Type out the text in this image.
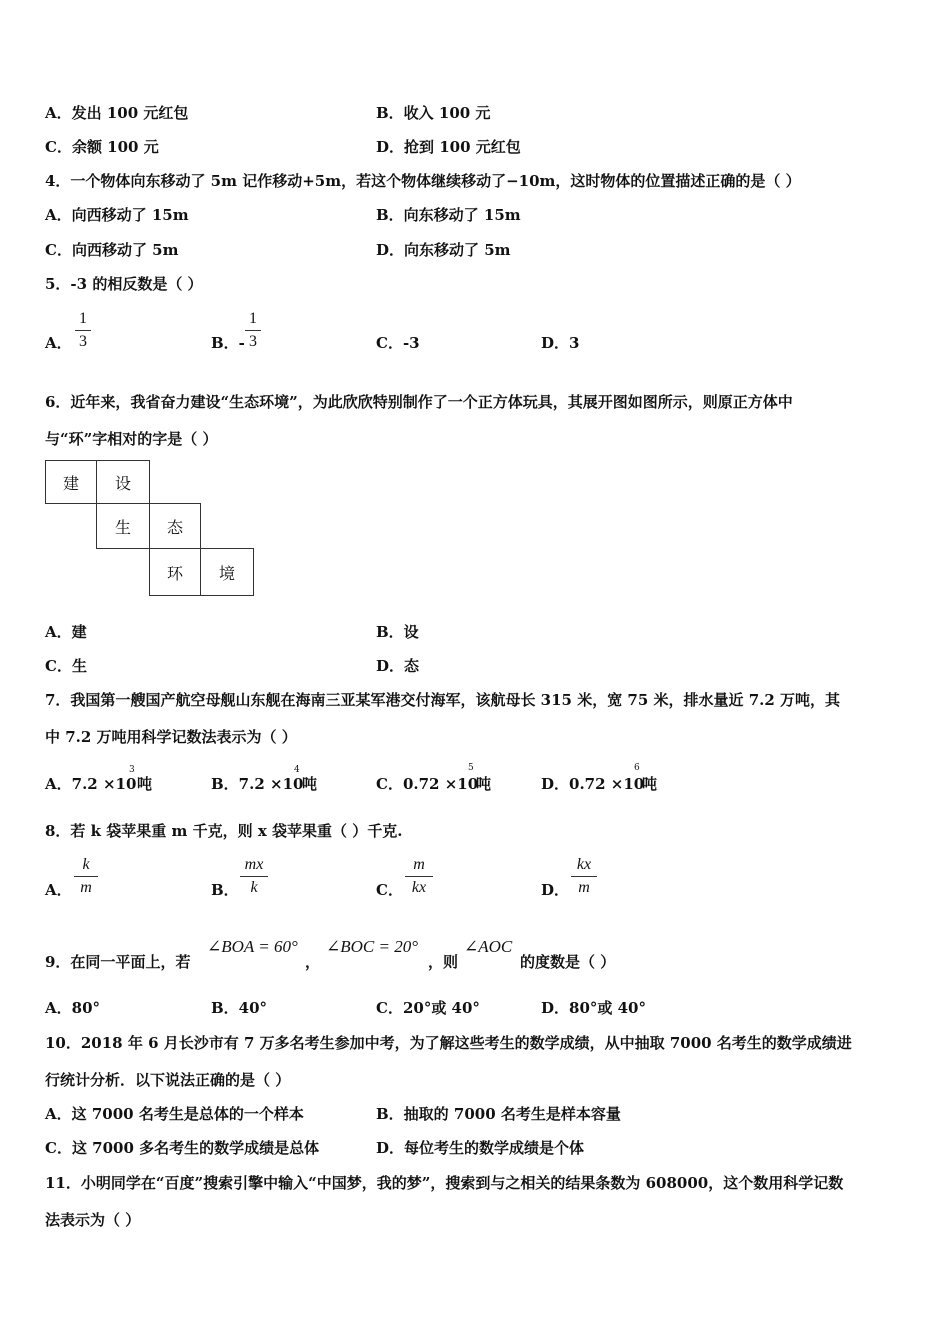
A．发出 100 元红包	B．收入 100 元
C．余额 100 元	D．抢到 100 元红包
4．一个物体向东移动了 5m 记作移动+5m，若这个物体继续移动了−10m，这时物体的位置描述正确的是（ ）
A．向西移动了 15m	B．向东移动了 15m
C．向西移动了 5m	D．向东移动了 5m
5．-3 的相反数是（ ）
A．
1
3	B．-
1
3	C．-3	D．3
6．近年来，我省奋力建设“生态环境”，为此欣欣特别制作了一个正方体玩具，其展开图如图所示，则原正方体中
与“环”字相对的字是（ ）
建	设
生	态
环	境
A．建	B．设
C．生	D．态
7．我国第一艘国产航空母舰山东舰在海南三亚某军港交付海军，该航母长 315 米，宽 75 米，排水量近 7.2 万吨，其
中 7.2 万吨用科学记数法表示为（ ）
A．7.2 ×10
3
吨	B．7.2 ×10
4
吨	C．0.72 ×10
5
吨	D．0.72 ×10
6
吨
8．若 k 袋苹果重 m 千克，则 x 袋苹果重（ ）千克.
A．
k
m	B．
mx
k	C．
m
kx	D．
kx
m
9．在同一平面上，若
∠BOA = 60°
，
∠BOC = 20°
，则
∠AOC
的度数是（ ）
A．80°	B．40°	C．20°或 40°	D．80°或 40°
10．2018 年 6 月长沙市有 7 万多名考生参加中考，为了解这些考生的数学成绩，从中抽取 7000 名考生的数学成绩进
行统计分析．以下说法正确的是（ ）
A．这 7000 名考生是总体的一个样本	B．抽取的 7000 名考生是样本容量
C．这 7000 多名考生的数学成绩是总体	D．每位考生的数学成绩是个体
11．小明同学在“百度”搜索引擎中输入“中国梦，我的梦”，搜索到与之相关的结果条数为 608000，这个数用科学记数
法表示为（ ）
